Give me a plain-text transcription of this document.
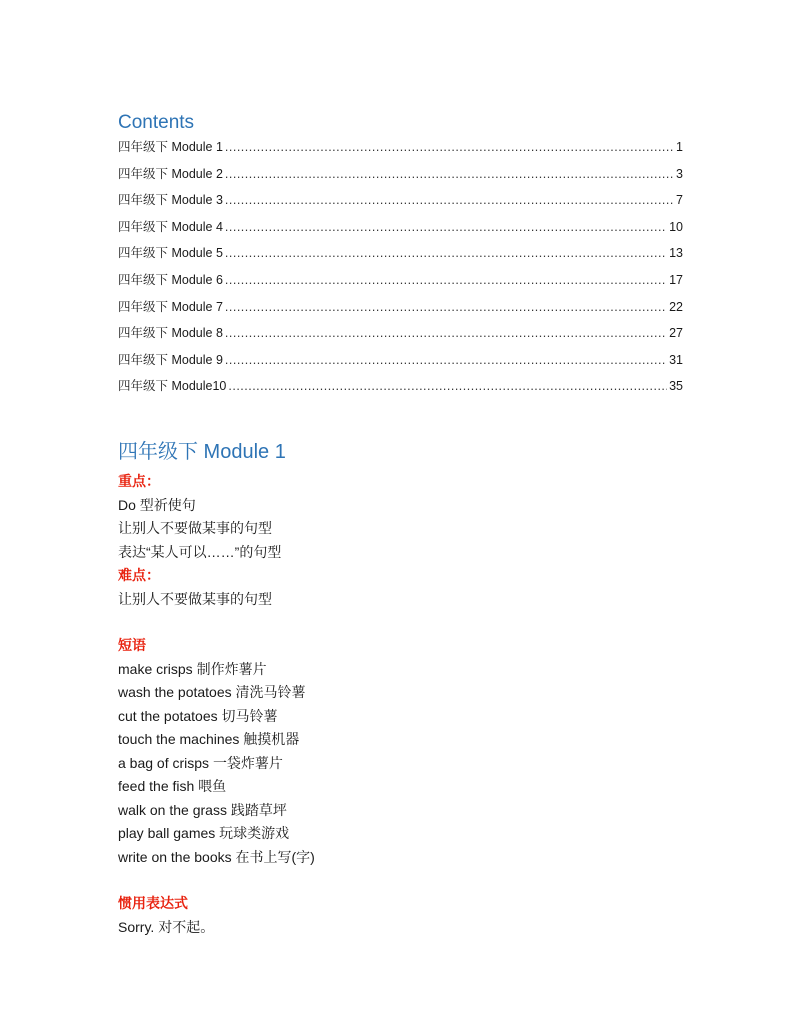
Contents
四年级下 Module 1 .....	1
四年级下 Module 2 .....	3
四年级下 Module 3 .....	7
四年级下 Module 4 .....	10
四年级下 Module 5 .....	13
四年级下 Module 6 .....	17
四年级下 Module 7 .....	22
四年级下 Module 8 .....	27
四年级下 Module 9 .....	31
四年级下 Module10 .....	35
四年级下 Module 1
重点：
Do 型祈使句
让别人不要做某事的句型
表达“某人可以……”的句型
难点：
让别人不要做某事的句型
短语
make crisps 制作炸薯片
wash the potatoes 清洗马铃薯
cut the potatoes 切马铃薯
touch the machines 触摸机器
a bag of crisps 一袋炸薯片
feed the fish 喂鱼
walk on the grass 践踏草坪
play ball games 玩球类游戏
write on the books 在书上写(字)
惯用表达式
Sorry. 对不起。
